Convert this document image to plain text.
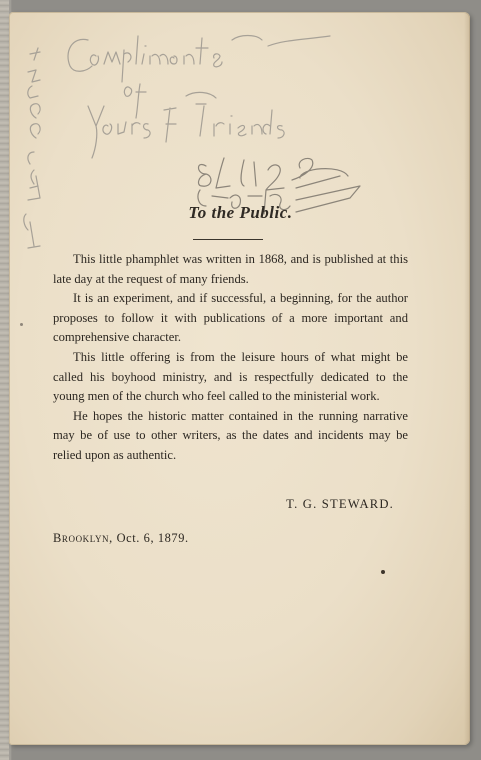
To the Public.

This little phamphlet was written in 1868, and is published at this late day at the request of many friends.

It is an experiment, and if successful, a beginning, for the author proposes to follow it with publications of a more important and comprehensive character.

This little offering is from the leisure hours of what might be called his boyhood ministry, and is respectfully dedicated to the young men of the church who feel called to the ministerial work.

He hopes the historic matter contained in the running narrative may be of use to other writers, as the dates and incidents may be relied upon as authentic.

T. G. STEWARD.
Brooklyn, Oct. 6, 1879.
